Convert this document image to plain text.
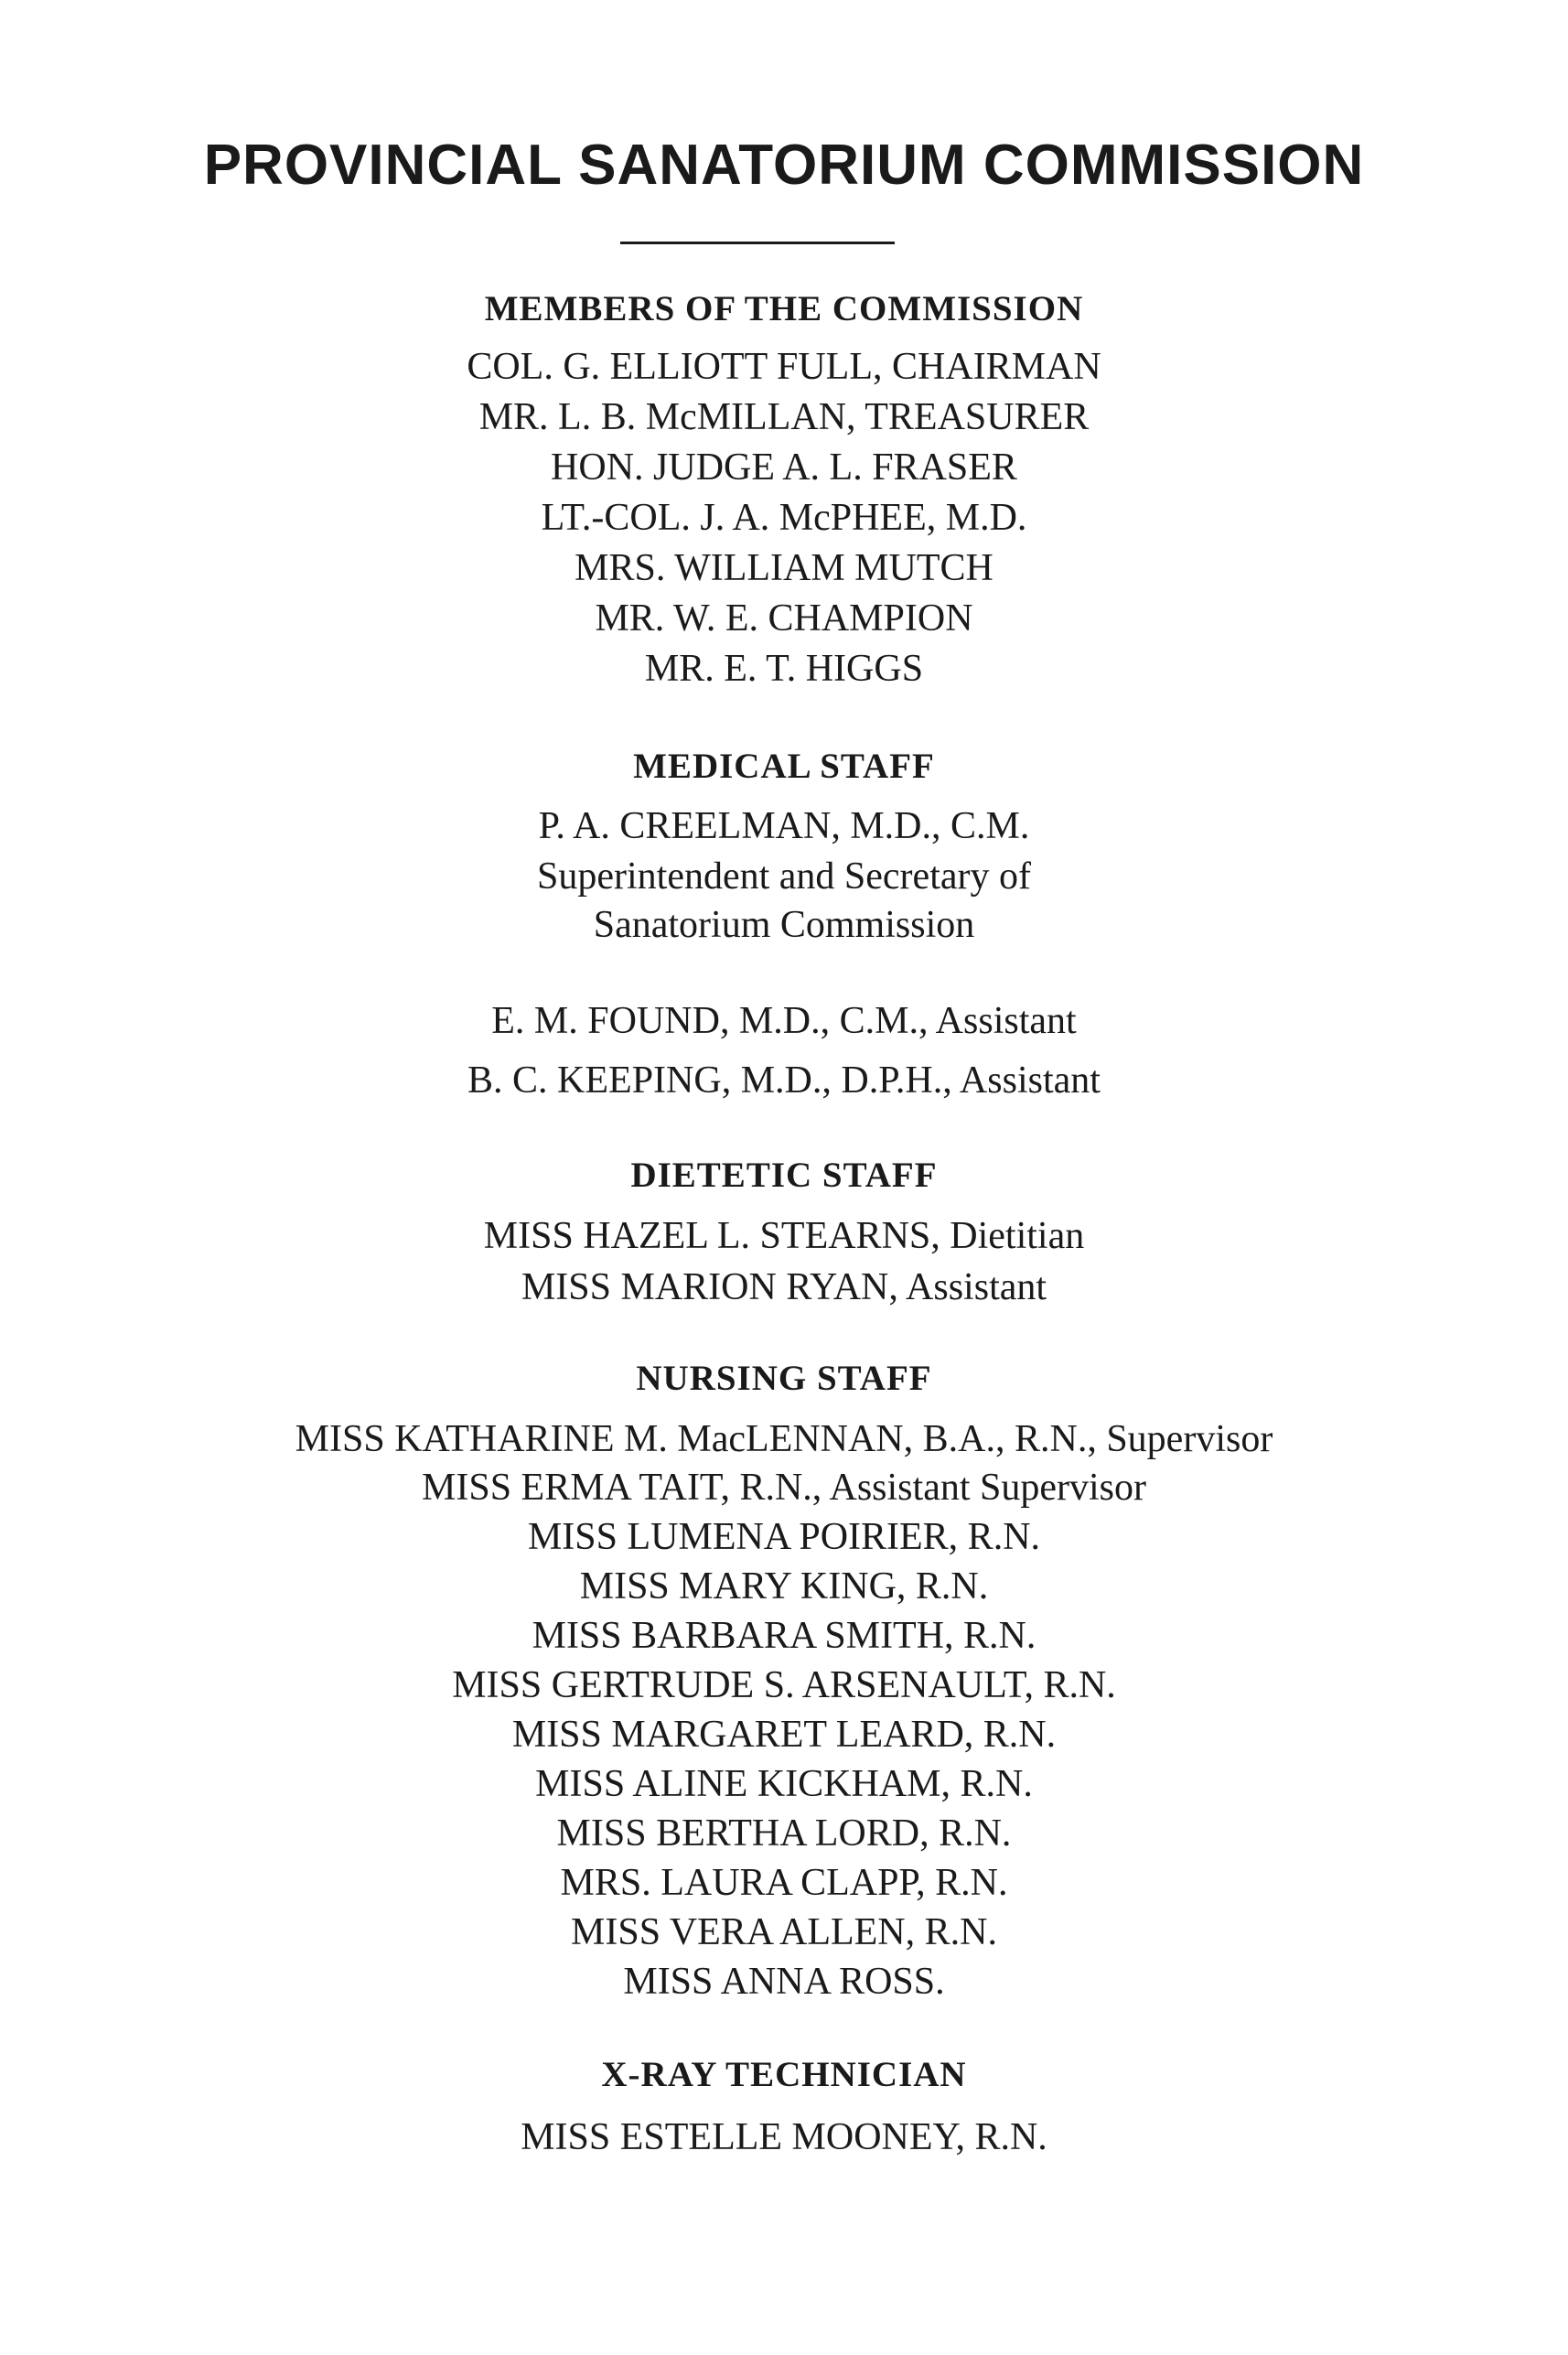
PROVINCIAL SANATORIUM COMMISSION
MEMBERS OF THE COMMISSION
COL. G. ELLIOTT FULL, CHAIRMAN
MR. L. B. McMILLAN, TREASURER
HON. JUDGE A. L. FRASER
LT.-COL. J. A. McPHEE, M.D.
MRS. WILLIAM MUTCH
MR. W. E. CHAMPION
MR. E. T. HIGGS
MEDICAL STAFF
P. A. CREELMAN, M.D., C.M.
Superintendent and Secretary of
Sanatorium Commission
E. M. FOUND, M.D., C.M., Assistant
B. C. KEEPING, M.D., D.P.H., Assistant
DIETETIC STAFF
MISS HAZEL L. STEARNS, Dietitian
MISS MARION RYAN, Assistant
NURSING STAFF
MISS KATHARINE M. MacLENNAN, B.A., R.N., Supervisor
MISS ERMA TAIT, R.N., Assistant Supervisor
MISS LUMENA POIRIER, R.N.
MISS MARY KING, R.N.
MISS BARBARA SMITH, R.N.
MISS GERTRUDE S. ARSENAULT, R.N.
MISS MARGARET LEARD, R.N.
MISS ALINE KICKHAM, R.N.
MISS BERTHA LORD, R.N.
MRS. LAURA CLAPP, R.N.
MISS VERA ALLEN, R.N.
MISS ANNA ROSS.
X-RAY TECHNICIAN
MISS ESTELLE MOONEY, R.N.
